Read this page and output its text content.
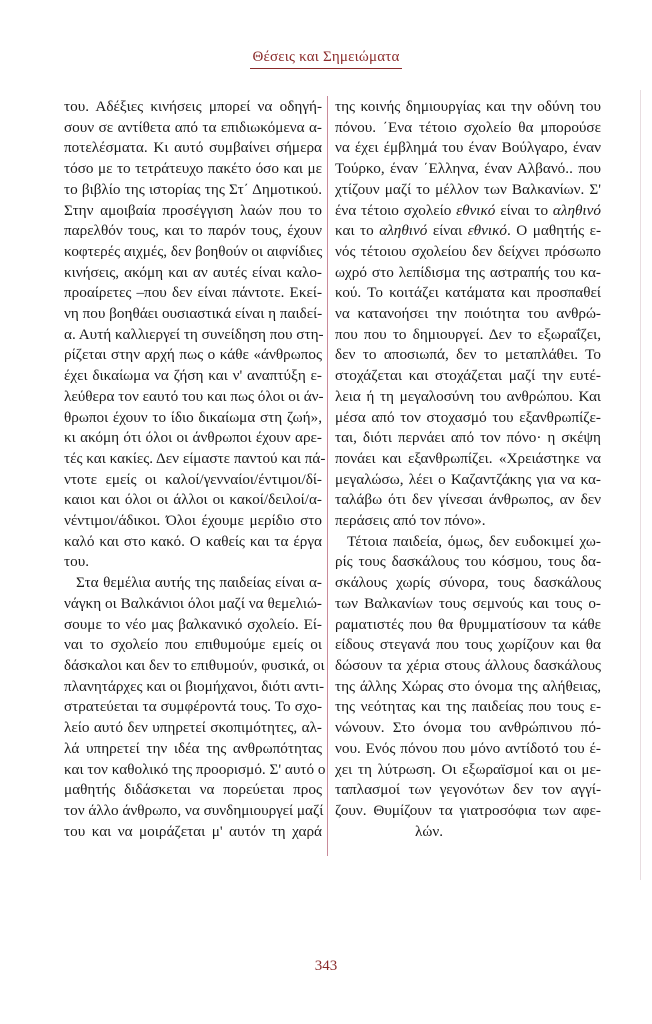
Θέσεις και Σημειώματα
του. Αδέξιες κινήσεις μπορεί να οδηγή-
σουν σε αντίθετα από τα επιδιωκόμενα α-
ποτελέσματα. Κι αυτό συμβαίνει σήμερα
τόσο με το τετράτευχο πακέτο όσο και με
το βιβλίο της ιστορίας της Στ΄ Δημοτικού.
Στην αμοιβαία προσέγγιση λαών που το
παρελθόν τους, και το παρόν τους, έχουν
κοφτερές αιχμές, δεν βοηθούν οι αιφνίδιες
κινήσεις, ακόμη και αν αυτές είναι καλο-
προαίρετες –που δεν είναι πάντοτε. Εκεί-
νη που βοηθάει ουσιαστικά είναι η παιδεί-
α. Αυτή καλλιεργεί τη συνείδηση που στη-
ρίζεται στην αρχή πως ο κάθε «άνθρωπος
έχει δικαίωμα να ζήση και ν' αναπτύξη ε-
λεύθερα τον εαυτό του και πως όλοι οι άν-
θρωποι έχουν το ίδιο δικαίωμα στη ζωή»,
κι ακόμη ότι όλοι οι άνθρωποι έχουν αρε-
τές και κακίες. Δεν είμαστε παντού και πά-
ντοτε εμείς οι καλοί/γενναίοι/έντιμοι/δί-
καιοι και όλοι οι άλλοι οι κακοί/δειλοί/α-
νέντιμοι/άδικοι. Όλοι έχουμε μερίδιο στο
καλό και στο κακό. Ο καθείς και τα έργα
του.
Στα θεμέλια αυτής της παιδείας είναι α-
νάγκη οι Βαλκάνιοι όλοι μαζί να θεμελιώ-
σουμε το νέο μας βαλκανικό σχολείο. Εί-
ναι το σχολείο που επιθυμούμε εμείς οι
δάσκαλοι και δεν το επιθυμούν, φυσικά, οι
πλανητάρχες και οι βιομήχανοι, διότι αντι-
στρατεύεται τα συμφέροντά τους. Το σχο-
λείο αυτό δεν υπηρετεί σκοπιμότητες, αλ-
λά υπηρετεί την ιδέα της ανθρωπότητας
και τον καθολικό της προορισμό. Σ' αυτό ο
μαθητής διδάσκεται να πορεύεται προς
τον άλλο άνθρωπο, να συνδημιουργεί μαζί
του και να μοιράζεται μ' αυτόν τη χαρά
της κοινής δημιουργίας και την οδύνη του
πόνου. ΄Ενα τέτοιο σχολείο θα μπορούσε
να έχει έμβλημά του έναν Βούλγαρο, έναν
Τούρκο, έναν ΄Ελληνα, έναν Αλβανό.. που
χτίζουν μαζί το μέλλον των Βαλκανίων. Σ'
ένα τέτοιο σχολείο εθνικό είναι το αληθινό
και το αληθινό είναι εθνικό. Ο μαθητής ε-
νός τέτοιου σχολείου δεν δείχνει πρόσωπο
ωχρό στο λεπίδισμα της αστραπής του κα-
κού. Το κοιτάζει κατάματα και προσπαθεί
να κατανοήσει την ποιότητα του ανθρώ-
που που το δημιουργεί. Δεν το εξωραΐζει,
δεν το αποσιωπά, δεν το μεταπλάθει. Το
στοχάζεται και στοχάζεται μαζί την ευτέ-
λεια ή τη μεγαλοσύνη του ανθρώπου. Και
μέσα από τον στοχασμό του εξανθρωπίζε-
ται, διότι περνάει από τον πόνο· η σκέψη
πονάει και εξανθρωπίζει. «Χρειάστηκε να
μεγαλώσω, λέει ο Καζαντζάκης για να κα-
ταλάβω ότι δεν γίνεσαι άνθρωπος, αν δεν
περάσεις από τον πόνο».
Τέτοια παιδεία, όμως, δεν ευδοκιμεί χω-
ρίς τους δασκάλους του κόσμου, τους δα-
σκάλους χωρίς σύνορα, τους δασκάλους
των Βαλκανίων τους σεμνούς και τους ο-
ραματιστές που θα θρυμματίσουν τα κάθε
είδους στεγανά που τους χωρίζουν και θα
δώσουν τα χέρια στους άλλους δασκάλους
της άλλης Χώρας στο όνομα της αλήθειας,
της νεότητας και της παιδείας που τους ε-
νώνουν. Στο όνομα του ανθρώπινου πό-
νου. Ενός πόνου που μόνο αντίδοτό του έ-
χει τη λύτρωση. Οι εξωραϊσμοί και οι με-
ταπλασμοί των γεγονότων δεν τον αγγί-
ζουν. Θυμίζουν τα γιατροσόφια των αφε-
λών.
343
